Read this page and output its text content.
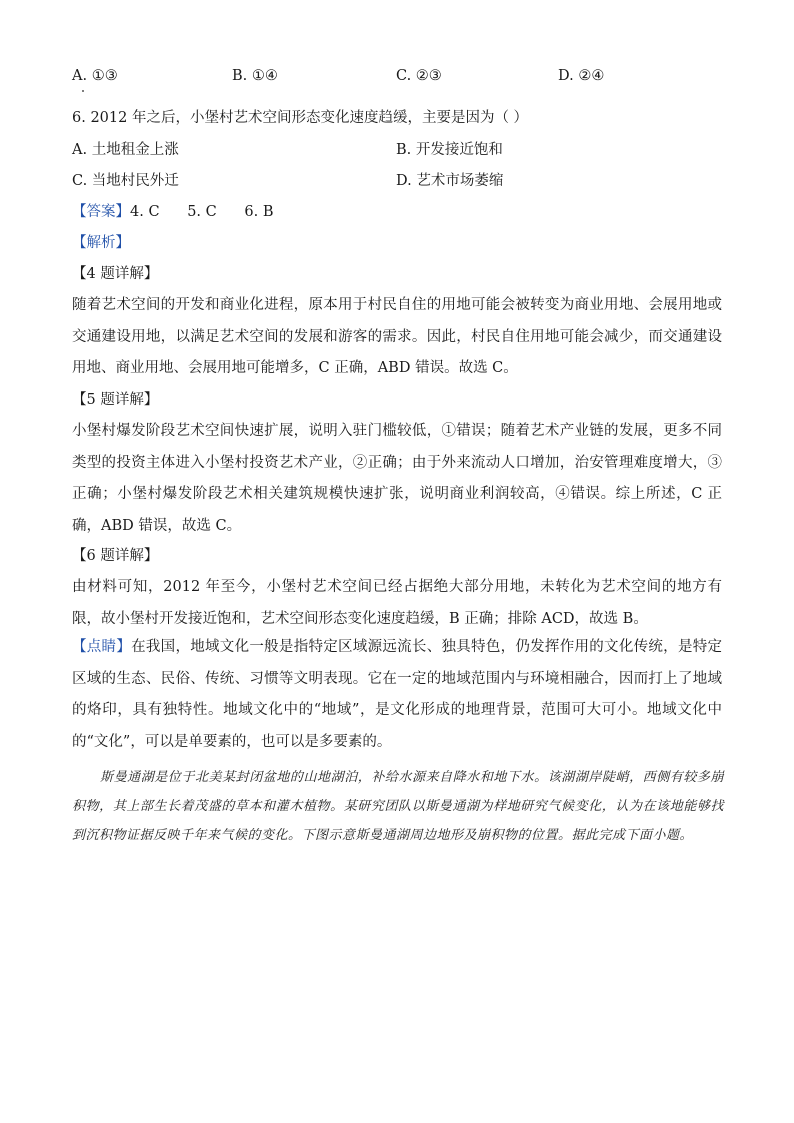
A. ①③	B. ①④	C. ②③	D. ②④
6. 2012 年之后，小堡村艺术空间形态变化速度趋缓，主要是因为（ ）
A. 土地租金上涨	B. 开发接近饱和
C. 当地村民外迁	D. 艺术市场萎缩
【答案】4. C      5. C      6. B
【解析】
【4 题详解】
随着艺术空间的开发和商业化进程，原本用于村民自住的用地可能会被转变为商业用地、会展用地或交通建设用地，以满足艺术空间的发展和游客的需求。因此，村民自住用地可能会减少，而交通建设用地、商业用地、会展用地可能增多，C 正确，ABD 错误。故选 C。
【5 题详解】
小堡村爆发阶段艺术空间快速扩展，说明入驻门槛较低，①错误；随着艺术产业链的发展，更多不同类型的投资主体进入小堡村投资艺术产业，②正确；由于外来流动人口增加，治安管理难度增大，③正确；小堡村爆发阶段艺术相关建筑规模快速扩张，说明商业利润较高，④错误。综上所述，C 正确，ABD 错误，故选 C。
【6 题详解】
由材料可知，2012 年至今，小堡村艺术空间已经占据绝大部分用地，未转化为艺术空间的地方有限，故小堡村开发接近饱和，艺术空间形态变化速度趋缓，B 正确；排除 ACD，故选 B。
【点睛】在我国，地域文化一般是指特定区域源远流长、独具特色，仍发挥作用的文化传统，是特定区域的生态、民俗、传统、习惯等文明表现。它在一定的地域范围内与环境相融合，因而打上了地域的烙印，具有独特性。地域文化中的“地域”，是文化形成的地理背景，范围可大可小。地域文化中的“文化”，可以是单要素的，也可以是多要素的。
斯曼通湖是位于北美某封闭盆地的山地湖泊，补给水源来自降水和地下水。该湖湖岸陡峭，西侧有较多崩积物，其上部生长着茂盛的草本和灌木植物。某研究团队以斯曼通湖为样地研究气候变化，认为在该地能够找到沉积物证据反映千年来气候的变化。下图示意斯曼通湖周边地形及崩积物的位置。据此完成下面小题。
